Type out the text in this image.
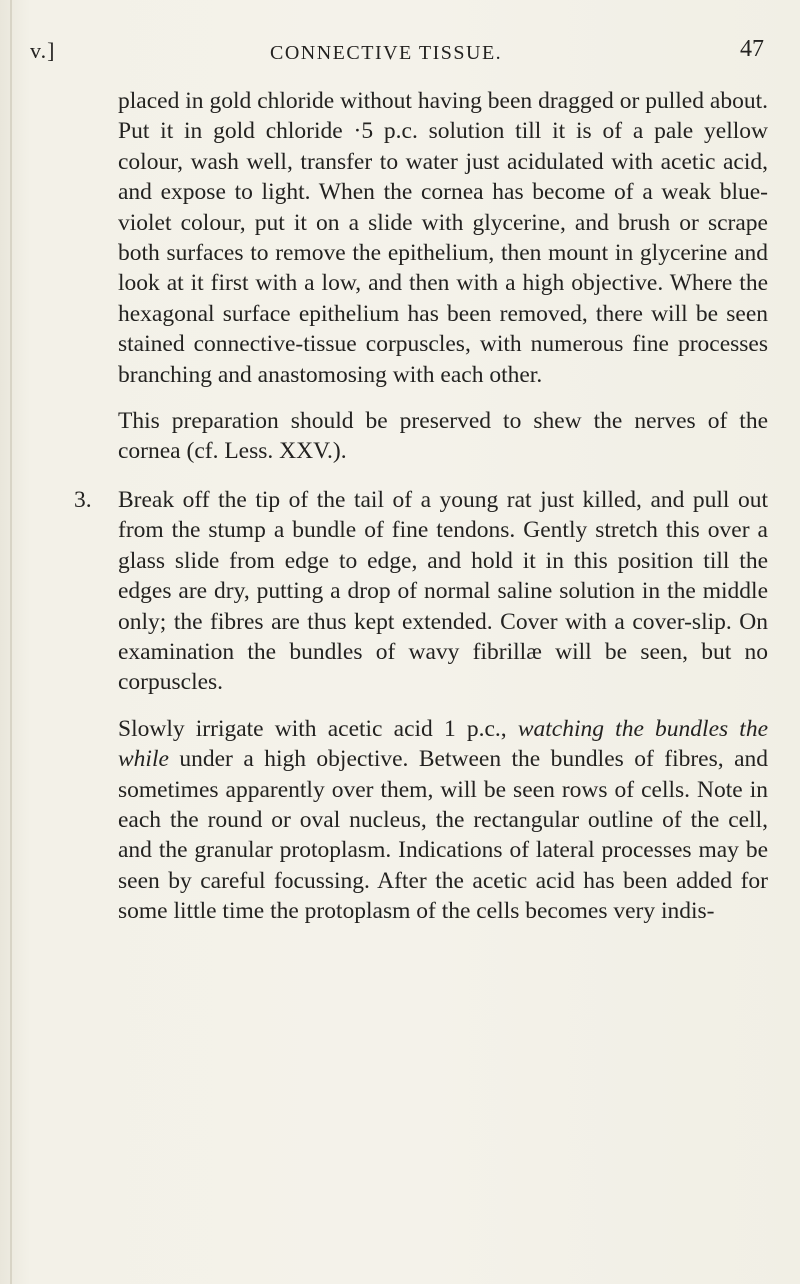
v.]	CONNECTIVE TISSUE.	47

placed in gold chloride without having been dragged or pulled about. Put it in gold chloride ·5 p.c. solution till it is of a pale yellow colour, wash well, transfer to water just acidulated with acetic acid, and expose to light. When the cornea has become of a weak blue-violet colour, put it on a slide with glycerine, and brush or scrape both surfaces to remove the epithelium, then mount in glycerine and look at it first with a low, and then with a high objective. Where the hexagonal surface epithelium has been removed, there will be seen stained connective-tissue corpuscles, with numerous fine processes branching and anastomosing with each other.

This preparation should be preserved to shew the nerves of the cornea (cf. Less. XXV.).

3. Break off the tip of the tail of a young rat just killed, and pull out from the stump a bundle of fine tendons. Gently stretch this over a glass slide from edge to edge, and hold it in this position till the edges are dry, putting a drop of normal saline solution in the middle only; the fibres are thus kept extended. Cover with a cover-slip. On examination the bundles of wavy fibrillæ will be seen, but no corpuscles.

Slowly irrigate with acetic acid 1 p.c., watching the bundles the while under a high objective. Between the bundles of fibres, and sometimes apparently over them, will be seen rows of cells. Note in each the round or oval nucleus, the rectangular outline of the cell, and the granular protoplasm. Indications of lateral processes may be seen by careful focussing. After the acetic acid has been added for some little time the protoplasm of the cells becomes very indis-
